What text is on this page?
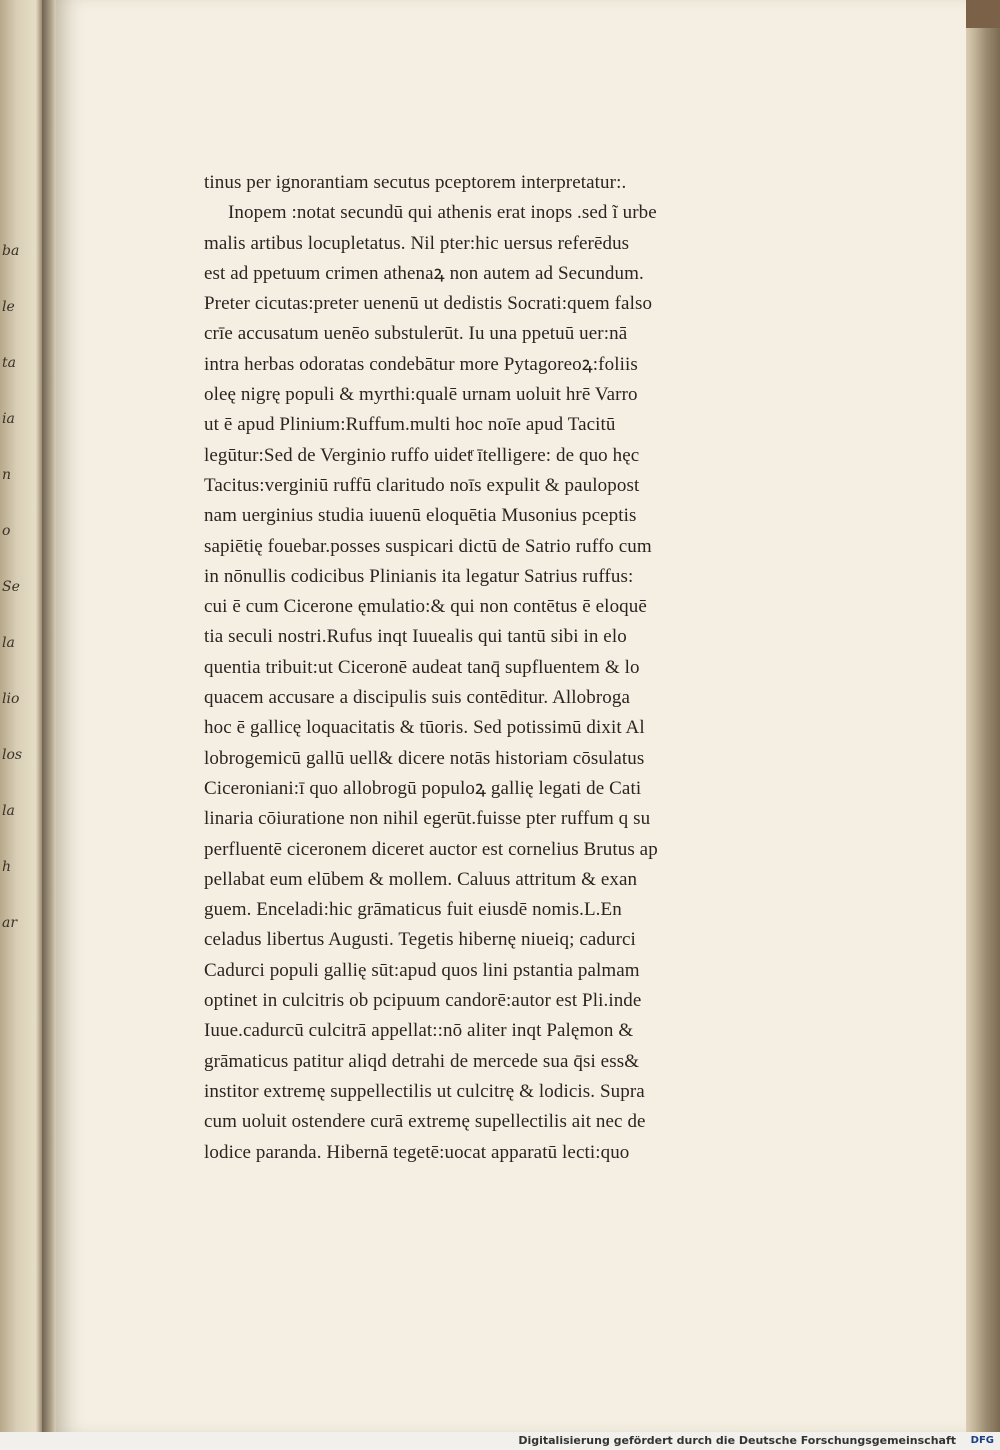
ba
le
ta
ia
n
o
Se
la
lio
los
la
h
ar
tinus per ignorantiam secutus pceptorem interpretatur:.
Inopem :notat secundū qui athenis erat inops .sed ĩ urbe
malis artibus locupletatus. Nil pter:hic uersus referēdus
est ad ppetuum crimen athenaꝝ non autem ad Secundum.
Preter cicutas:preter uenenū ut dedistis Socrati:quem falso
crīe accusatum uenēo substulerūt. Iu una ppetuū uer:nā
intra herbas odoratas condebātur more Pytagoreoꝝ:foliis
oleę nigrę populi & myrthi:qualē urnam uoluit hrē Varro
ut ē apud Plinium:Ruffum.multi hoc noīe apud Tacitū
legūtur:Sed de Verginio ruffo uidetͬ ītelligere: de quo hęc
Tacitus:verginiū ruffū claritudo noīs expulit & paulopost
nam uerginius studia iuuenū eloquētia Musonius pceptis
sapiētię fouebar.posses suspicari dictū de Satrio ruffo cum
in nōnullis codicibus Plinianis ita legatur Satrius ruffus:
cui ē cum Cicerone ęmulatio:& qui non contētus ē eloquē
tia seculi nostri.Rufus inqt Iuuealis qui tantū sibi in elo
quentia tribuit:ut Ciceronē audeat tanq̄ supfluentem & lo
quacem accusare a discipulis suis contēditur. Allobroga
hoc ē gallicę loquacitatis & tūoris. Sed potissimū dixit Al
lobrogemicū gallū uell& dicere notās historiam cōsulatus
Ciceroniani:ī quo allobrogū populoꝝ gallię legati de Cati
linaria cōiuratione non nihil egerūt.fuisse pter ruffum q su
perfluentē ciceronem diceret auctor est cornelius Brutus ap
pellabat eum elūbem & mollem. Caluus attritum & exan
guem. Enceladi:hic grāmaticus fuit eiusdē nomis.L.En
celadus libertus Augusti. Tegetis hibernę niueiq; cadurci
Cadurci populi gallię sūt:apud quos lini pstantia palmam
optinet in culcitris ob pcipuum candorē:autor est Pli.inde
Iuue.cadurcū culcitrā appellat::nō aliter inqt Palęmon &
grāmaticus patitur aliqd detrahi de mercede sua q̄si ess&
institor extremę suppellectilis ut culcitrę & lodicis. Supra
cum uoluit ostendere curā extremę supellectilis ait nec de
lodice paranda. Hibernā tegetē:uocat apparatū lecti:quo
Digitalisierung gefördert durch die Deutsche Forschungsgemeinschaft DFG
